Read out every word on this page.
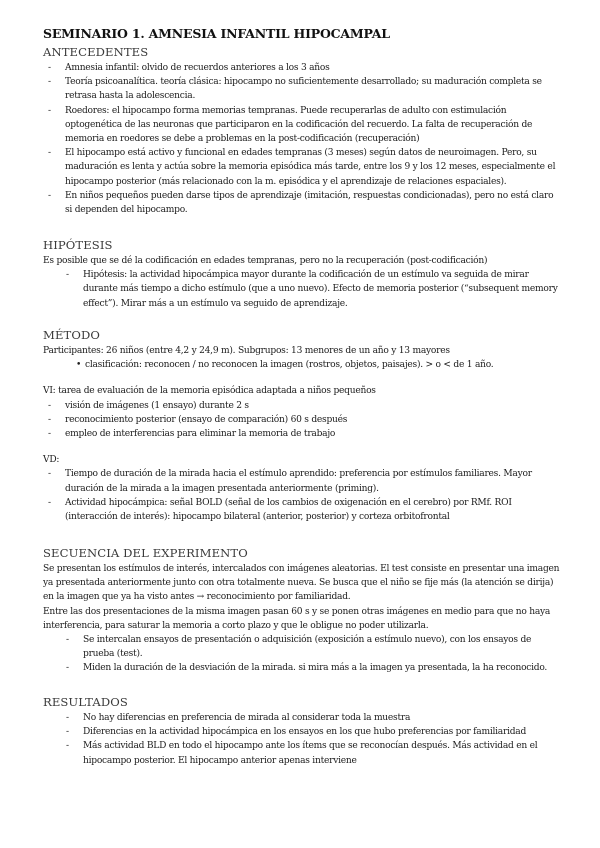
SEMINARIO 1. AMNESIA INFANTIL HIPOCAMPAL
ANTECEDENTES
-	Amnesia infantil: olvido de recuerdos anteriores a los 3 años
-	Teoría psicoanalítica. teoría clásica: hipocampo no suficientemente desarrollado; su maduración completa se retrasa hasta la adolescencia.
-	Roedores: el hipocampo forma memorias tempranas. Puede recuperarlas de adulto con estimulación optogenética de las neuronas que participaron en la codificación del recuerdo. La falta de recuperación de memoria en roedores se debe a problemas en la post-codificación (recuperación)
-	El hipocampo está activo y funcional en edades tempranas (3 meses) según datos de neuroimagen. Pero, su maduración es lenta y actúa sobre la memoria episódica más tarde, entre los 9 y los 12 meses, especialmente el hipocampo posterior (más relacionado con la m. episódica y el aprendizaje de relaciones espaciales).
-	En niños pequeños pueden darse tipos de aprendizaje (imitación, respuestas condicionadas), pero no está claro si dependen del hipocampo.
HIPÓTESIS

Es posible que se dé la codificación en edades tempranas, pero no la recuperación (post-codificación)

-	Hipótesis: la actividad hipocámpica mayor durante la codificación de un estímulo va seguida de mirar durante más tiempo a dicho estímulo (que a uno nuevo). Efecto de memoria posterior (“subsequent memory effect”). Mirar más a un estímulo va seguido de aprendizaje.
MÉTODO

Participantes: 26 niños (entre 4,2 y 24,9 m). Subgrupos: 13 menores de un año y 13 mayores

• clasificación: reconocen / no reconocen la imagen (rostros, objetos, paisajes). > o < de 1 año.

VI: tarea de evaluación de la memoria episódica adaptada a niños pequeños

-	visión de imágenes (1 ensayo) durante 2 s
-	reconocimiento posterior (ensayo de comparación) 60 s después
-	empleo de interferencias para eliminar la memoria de trabajo

VD:

-	Tiempo de duración de la mirada hacia el estímulo aprendido: preferencia por estímulos familiares. Mayor duración de la mirada a la imagen presentada anteriormente (priming).
-	Actividad hipocámpica: señal BOLD (señal de los cambios de oxigenación en el cerebro) por RMf. ROI (interacción de interés): hipocampo bilateral (anterior, posterior) y corteza orbitofrontal
SECUENCIA DEL EXPERIMENTO

Se presentan los estímulos de interés, intercalados con imágenes aleatorias. El test consiste en presentar una imagen ya presentada anteriormente junto con otra totalmente nueva. Se busca que el niño se fije más (la atención se dirija) en la imagen que ya ha visto antes → reconocimiento por familiaridad.

Entre las dos presentaciones de la misma imagen pasan 60 s y se ponen otras imágenes en medio para que no haya interferencia, para saturar la memoria a corto plazo y que le obligue no poder utilizarla.

-	Se intercalan ensayos de presentación o adquisición (exposición a estímulo nuevo), con los ensayos de prueba (test).
-	Miden la duración de la desviación de la mirada. si mira más a la imagen ya presentada, la ha reconocido.
RESULTADOS
-	No hay diferencias en preferencia de mirada al considerar toda la muestra
-	Diferencias en la actividad hipocámpica en los ensayos en los que hubo preferencias por familiaridad
-	Más actividad BLD en todo el hipocampo ante los ítems que se reconocían después. Más actividad en el hipocampo posterior. El hipocampo anterior apenas interviene
